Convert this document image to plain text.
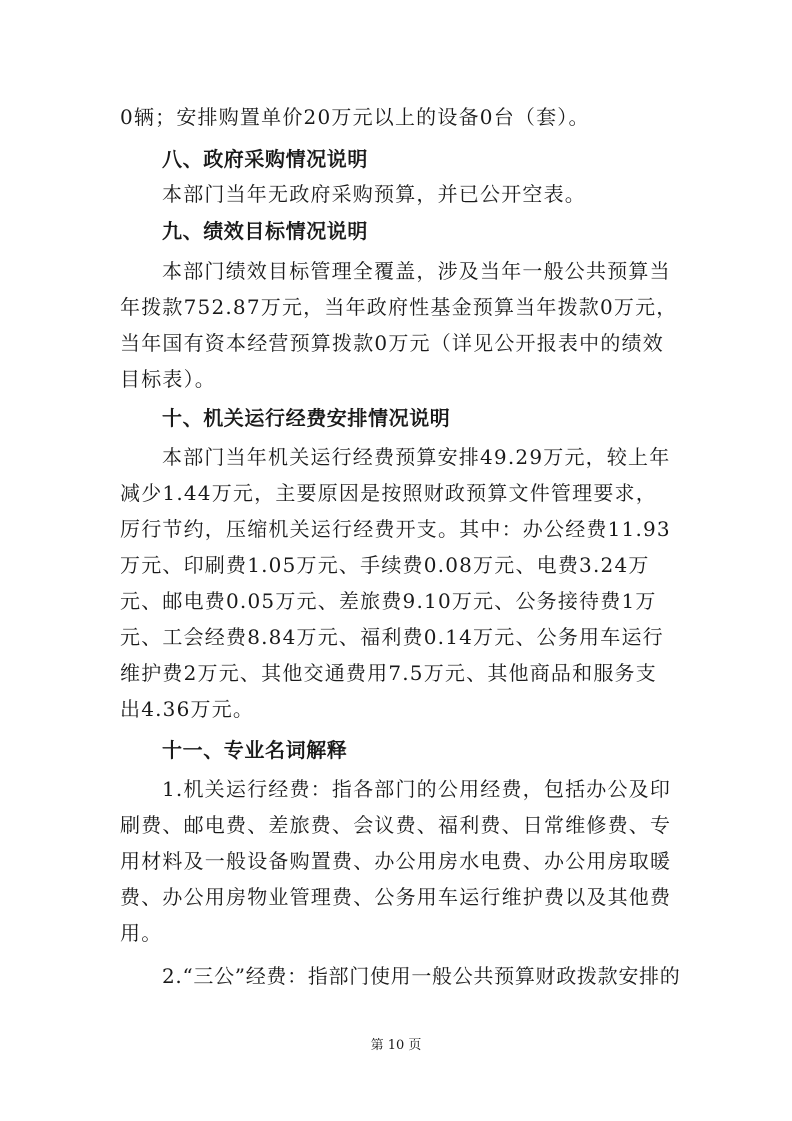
0辆；安排购置单价20万元以上的设备0台（套）。
八、政府采购情况说明
本部门当年无政府采购预算，并已公开空表。
九、绩效目标情况说明
本部门绩效目标管理全覆盖，涉及当年一般公共预算当
年拨款752.87万元，当年政府性基金预算当年拨款0万元，
当年国有资本经营预算拨款0万元（详见公开报表中的绩效
目标表）。
十、机关运行经费安排情况说明
本部门当年机关运行经费预算安排49.29万元，较上年
减少1.44万元，主要原因是按照财政预算文件管理要求，
厉行节约，压缩机关运行经费开支。其中：办公经费11.93
万元、印刷费1.05万元、手续费0.08万元、电费3.24万
元、邮电费0.05万元、差旅费9.10万元、公务接待费1万
元、工会经费8.84万元、福利费0.14万元、公务用车运行
维护费2万元、其他交通费用7.5万元、其他商品和服务支
出4.36万元。
十一、专业名词解释
1.机关运行经费：指各部门的公用经费，包括办公及印
刷费、邮电费、差旅费、会议费、福利费、日常维修费、专
用材料及一般设备购置费、办公用房水电费、办公用房取暖
费、办公用房物业管理费、公务用车运行维护费以及其他费
用。
2.“三公”经费：指部门使用一般公共预算财政拨款安排的
第 10 页
